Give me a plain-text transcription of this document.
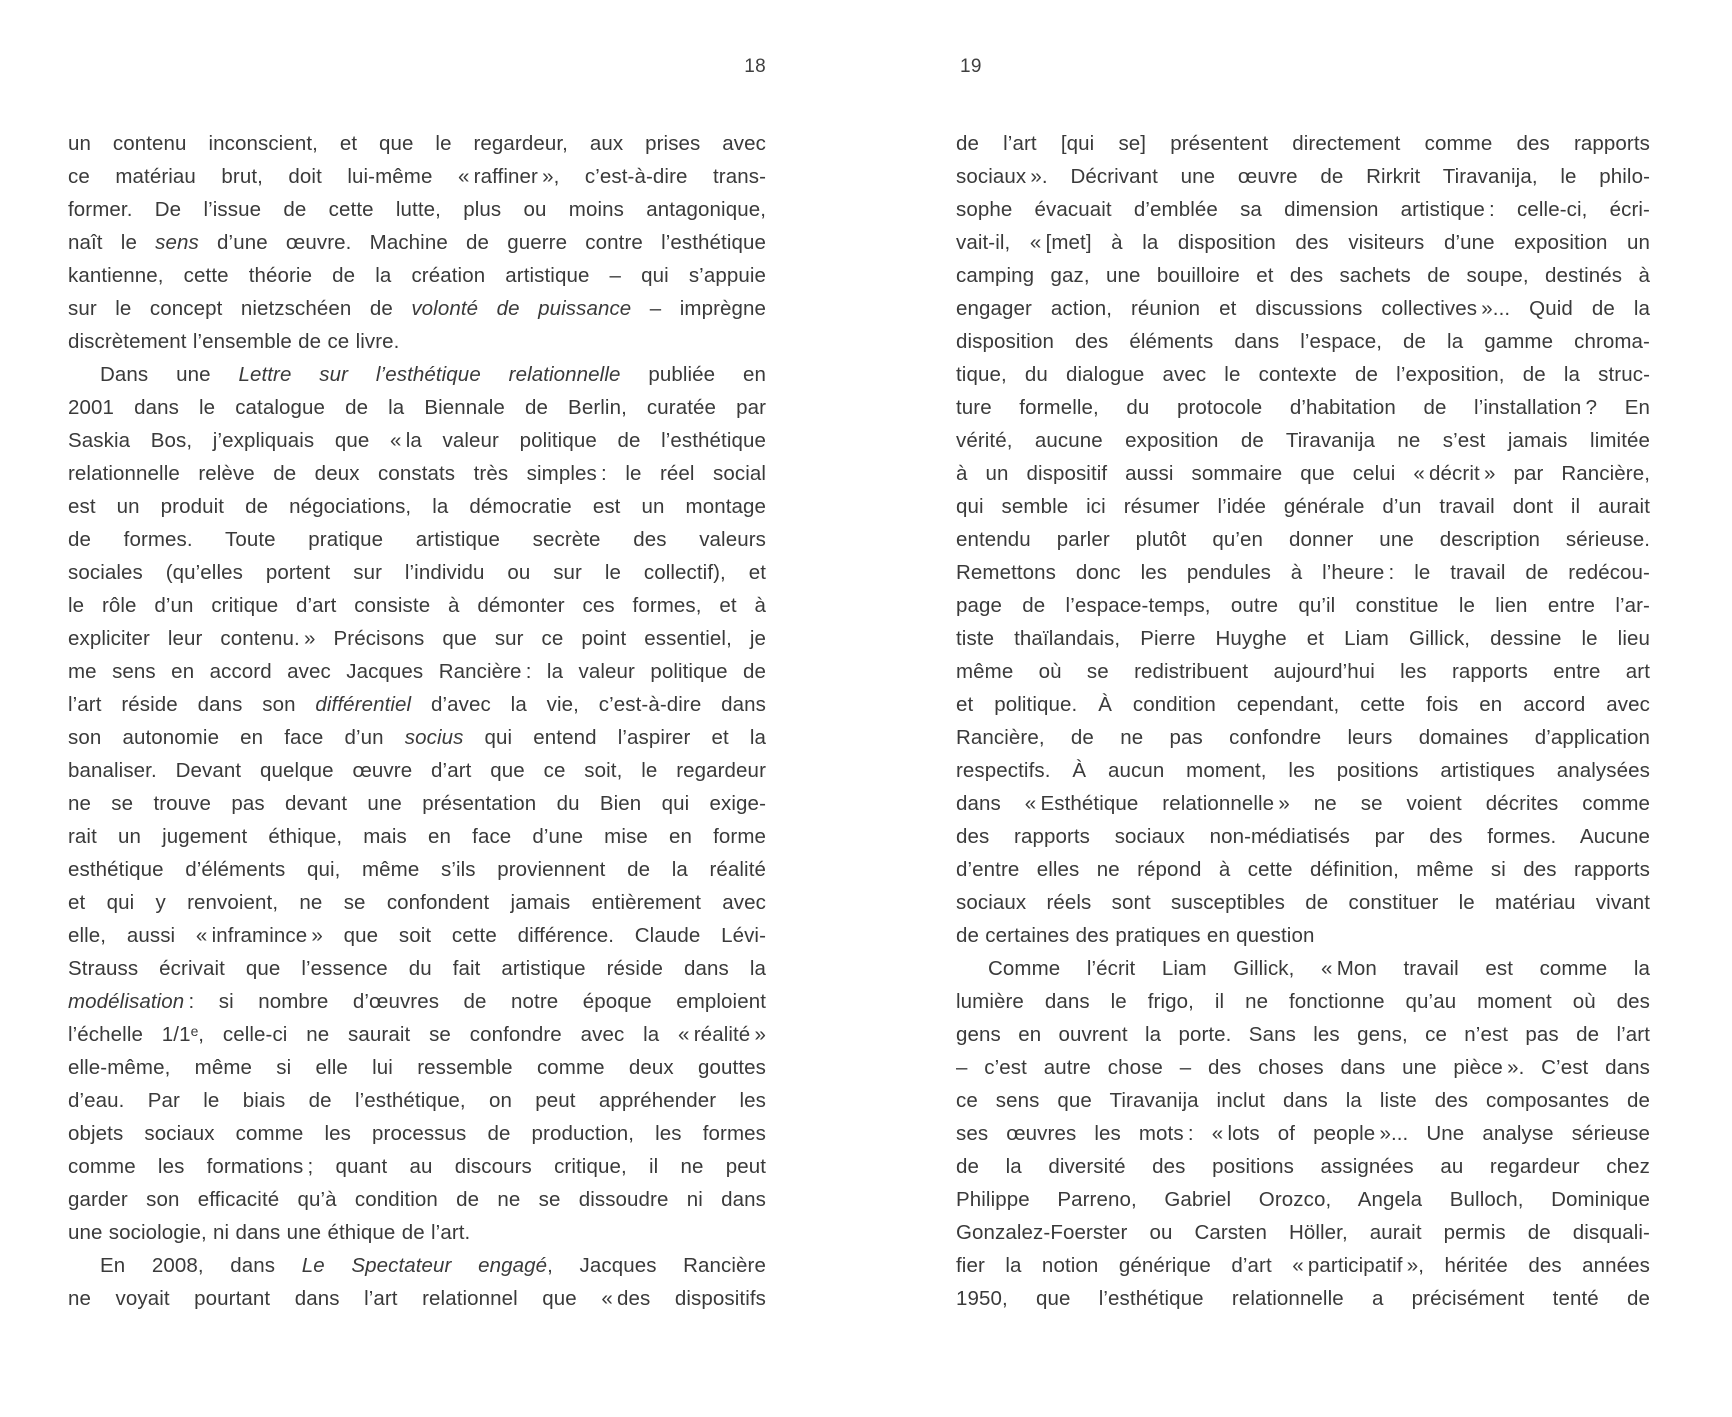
18	19
un contenu inconscient, et que le regardeur, aux prises avec
ce matériau brut, doit lui-même « raffiner », c’est-à-dire trans-
former. De l’issue de cette lutte, plus ou moins antagonique,
naît le sens d’une œuvre. Machine de guerre contre l’esthétique
kantienne, cette théorie de la création artistique – qui s’appuie
sur le concept nietzschéen de volonté de puissance – imprègne
discrètement l’ensemble de ce livre.
Dans une Lettre sur l’esthétique relationnelle publiée en
2001 dans le catalogue de la Biennale de Berlin, curatée par
Saskia Bos, j’expliquais que « la valeur politique de l’esthétique
relationnelle relève de deux constats très simples : le réel social
est un produit de négociations, la démocratie est un montage
de formes. Toute pratique artistique secrète des valeurs
sociales (qu’elles portent sur l’individu ou sur le collectif), et
le rôle d’un critique d’art consiste à démonter ces formes, et à
expliciter leur contenu. » Précisons que sur ce point essentiel, je
me sens en accord avec Jacques Rancière : la valeur politique de
l’art réside dans son différentiel d’avec la vie, c’est-à-dire dans
son autonomie en face d’un socius qui entend l’aspirer et la
banaliser. Devant quelque œuvre d’art que ce soit, le regardeur
ne se trouve pas devant une présentation du Bien qui exige-
rait un jugement éthique, mais en face d’une mise en forme
esthétique d’éléments qui, même s’ils proviennent de la réalité
et qui y renvoient, ne se confondent jamais entièrement avec
elle, aussi « inframince » que soit cette différence. Claude Lévi-
Strauss écrivait que l’essence du fait artistique réside dans la
modélisation : si nombre d’œuvres de notre époque emploient
l’échelle 1/1ᵉ, celle-ci ne saurait se confondre avec la « réalité »
elle-même, même si elle lui ressemble comme deux gouttes
d’eau. Par le biais de l’esthétique, on peut appréhender les
objets sociaux comme les processus de production, les formes
comme les formations ; quant au discours critique, il ne peut
garder son efficacité qu’à condition de ne se dissoudre ni dans
une sociologie, ni dans une éthique de l’art.
En 2008, dans Le Spectateur engagé, Jacques Rancière
ne voyait pourtant dans l’art relationnel que « des dispositifs
de l’art [qui se] présentent directement comme des rapports
sociaux ». Décrivant une œuvre de Rirkrit Tiravanija, le philo-
sophe évacuait d’emblée sa dimension artistique : celle-ci, écri-
vait-il, « [met] à la disposition des visiteurs d’une exposition un
camping gaz, une bouilloire et des sachets de soupe, destinés à
engager action, réunion et discussions collectives »... Quid de la
disposition des éléments dans l’espace, de la gamme chroma-
tique, du dialogue avec le contexte de l’exposition, de la struc-
ture formelle, du protocole d’habitation de l’installation ? En
vérité, aucune exposition de Tiravanija ne s’est jamais limitée
à un dispositif aussi sommaire que celui « décrit » par Rancière,
qui semble ici résumer l’idée générale d’un travail dont il aurait
entendu parler plutôt qu’en donner une description sérieuse.
Remettons donc les pendules à l’heure : le travail de redécou-
page de l’espace-temps, outre qu’il constitue le lien entre l’ar-
tiste thaïlandais, Pierre Huyghe et Liam Gillick, dessine le lieu
même où se redistribuent aujourd’hui les rapports entre art
et politique. À condition cependant, cette fois en accord avec
Rancière, de ne pas confondre leurs domaines d’application
respectifs. À aucun moment, les positions artistiques analysées
dans « Esthétique relationnelle » ne se voient décrites comme
des rapports sociaux non-médiatisés par des formes. Aucune
d’entre elles ne répond à cette définition, même si des rapports
sociaux réels sont susceptibles de constituer le matériau vivant
de certaines des pratiques en question
Comme l’écrit Liam Gillick, « Mon travail est comme la
lumière dans le frigo, il ne fonctionne qu’au moment où des
gens en ouvrent la porte. Sans les gens, ce n’est pas de l’art
– c’est autre chose – des choses dans une pièce ». C’est dans
ce sens que Tiravanija inclut dans la liste des composantes de
ses œuvres les mots : « lots of people »... Une analyse sérieuse
de la diversité des positions assignées au regardeur chez
Philippe Parreno, Gabriel Orozco, Angela Bulloch, Dominique
Gonzalez-Foerster ou Carsten Höller, aurait permis de disquali-
fier la notion générique d’art « participatif », héritée des années
1950, que l’esthétique relationnelle a précisément tenté de
